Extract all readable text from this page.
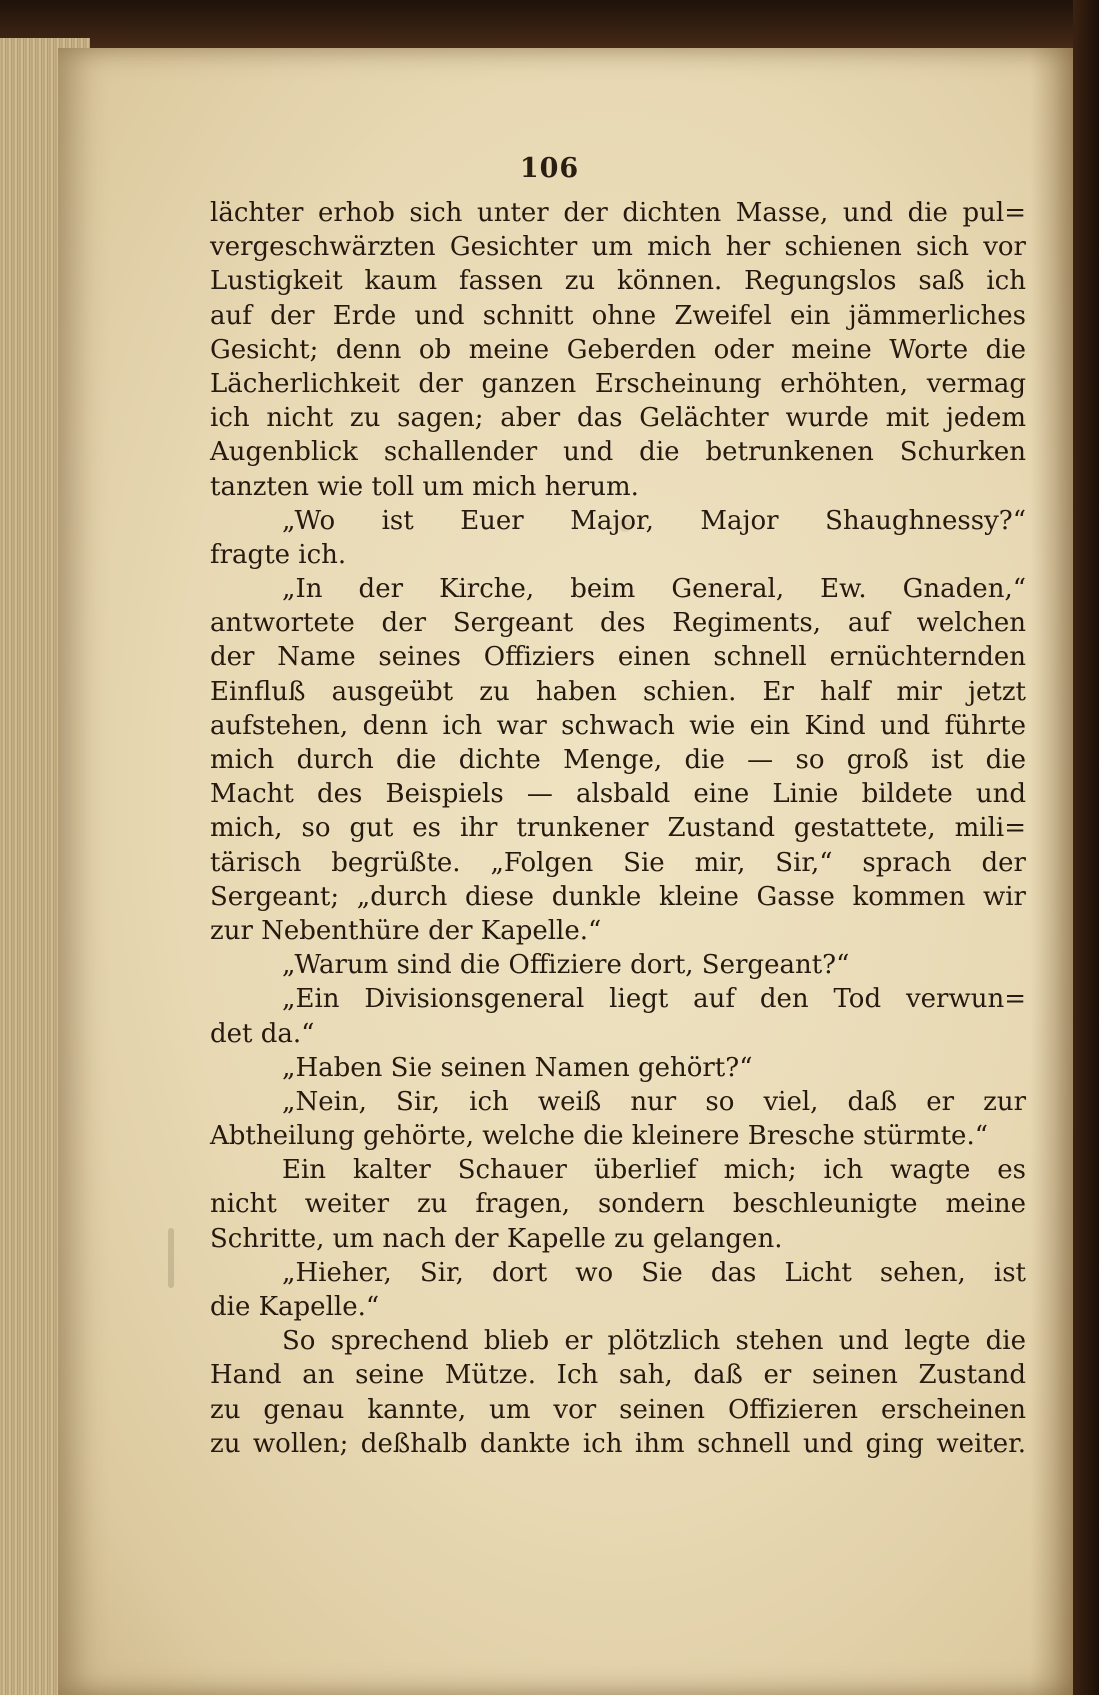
106
lächter erhob sich unter der dichten Masse, und die pul=
vergeschwärzten Gesichter um mich her schienen sich vor
Lustigkeit kaum fassen zu können. Regungslos saß ich
auf der Erde und schnitt ohne Zweifel ein jämmerliches
Gesicht; denn ob meine Geberden oder meine Worte die
Lächerlichkeit der ganzen Erscheinung erhöhten, vermag
ich nicht zu sagen; aber das Gelächter wurde mit jedem
Augenblick schallender und die betrunkenen Schurken
tanzten wie toll um mich herum.
„Wo ist Euer Major, Major Shaughnessy?“
fragte ich.
„In der Kirche, beim General, Ew. Gnaden,“
antwortete der Sergeant des Regiments, auf welchen
der Name seines Offiziers einen schnell ernüchternden
Einfluß ausgeübt zu haben schien. Er half mir jetzt
aufstehen, denn ich war schwach wie ein Kind und führte
mich durch die dichte Menge, die — so groß ist die
Macht des Beispiels — alsbald eine Linie bildete und
mich, so gut es ihr trunkener Zustand gestattete, mili=
tärisch begrüßte. „Folgen Sie mir, Sir,“ sprach der
Sergeant; „durch diese dunkle kleine Gasse kommen wir
zur Nebenthüre der Kapelle.“
„Warum sind die Offiziere dort, Sergeant?“
„Ein Divisionsgeneral liegt auf den Tod verwun=
det da.“
„Haben Sie seinen Namen gehört?“
„Nein, Sir, ich weiß nur so viel, daß er zur
Abtheilung gehörte, welche die kleinere Bresche stürmte.“
Ein kalter Schauer überlief mich; ich wagte es
nicht weiter zu fragen, sondern beschleunigte meine
Schritte, um nach der Kapelle zu gelangen.
„Hieher, Sir, dort wo Sie das Licht sehen, ist
die Kapelle.“
So sprechend blieb er plötzlich stehen und legte die
Hand an seine Mütze. Ich sah, daß er seinen Zustand
zu genau kannte, um vor seinen Offizieren erscheinen
zu wollen; deßhalb dankte ich ihm schnell und ging weiter.
